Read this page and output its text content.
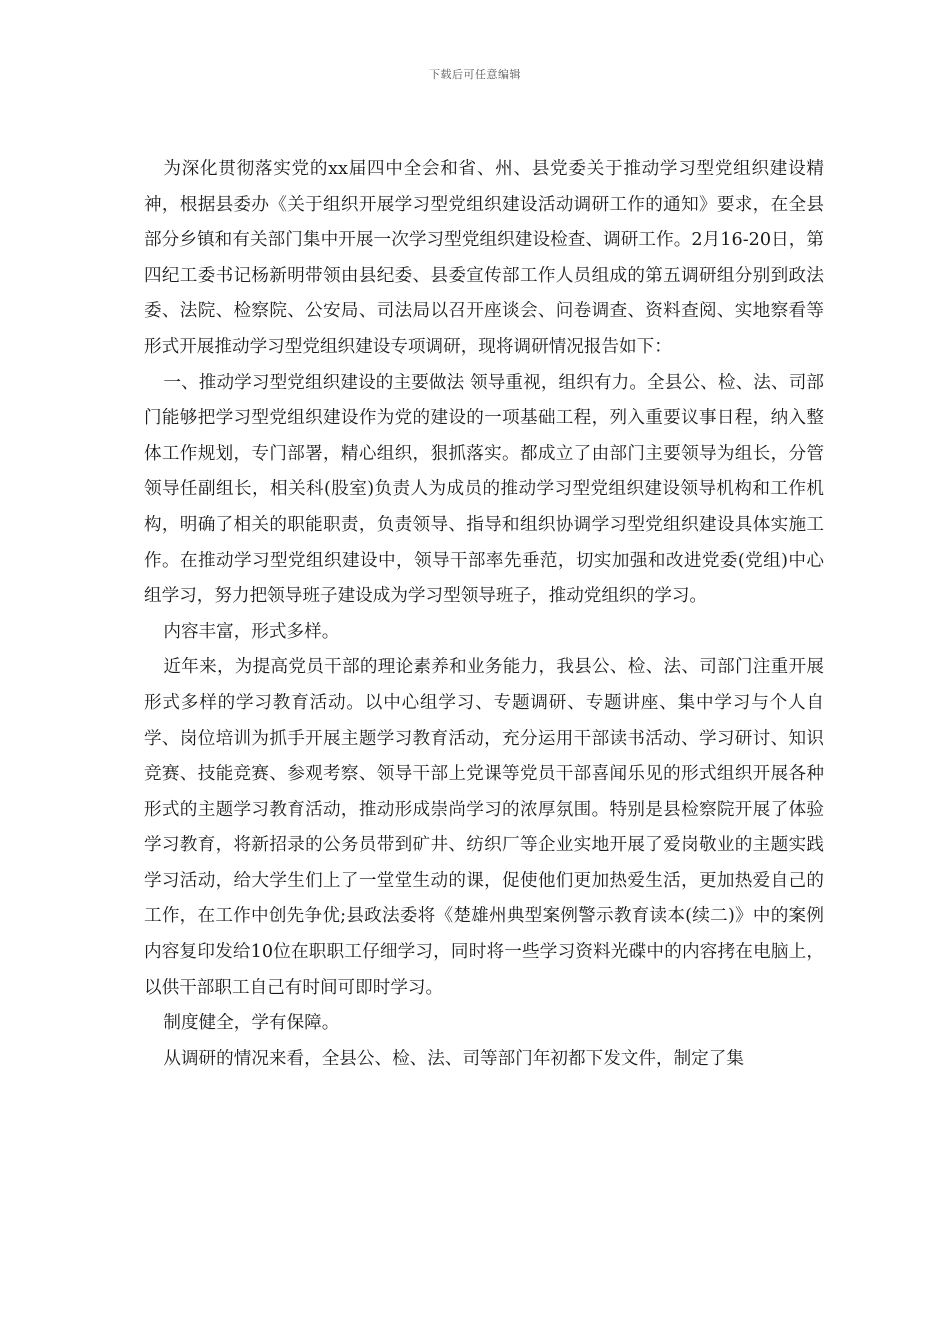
下载后可任意编辑

为深化贯彻落实党的xx届四中全会和省、州、县党委关于推动学习型党组织建设精神，根据县委办《关于组织开展学习型党组织建设活动调研工作的通知》要求，在全县部分乡镇和有关部门集中开展一次学习型党组织建设检查、调研工作。2月16-20日，第四纪工委书记杨新明带领由县纪委、县委宣传部工作人员组成的第五调研组分别到政法委、法院、检察院、公安局、司法局以召开座谈会、问卷调查、资料查阅、实地察看等形式开展推动学习型党组织建设专项调研，现将调研情况报告如下：

一、推动学习型党组织建设的主要做法 领导重视，组织有力。全县公、检、法、司部门能够把学习型党组织建设作为党的建设的一项基础工程，列入重要议事日程，纳入整体工作规划，专门部署，精心组织，狠抓落实。都成立了由部门主要领导为组长，分管领导任副组长，相关科(股室)负责人为成员的推动学习型党组织建设领导机构和工作机构，明确了相关的职能职责，负责领导、指导和组织协调学习型党组织建设具体实施工作。在推动学习型党组织建设中，领导干部率先垂范，切实加强和改进党委(党组)中心组学习，努力把领导班子建设成为学习型领导班子，推动党组织的学习。

内容丰富，形式多样。

近年来，为提高党员干部的理论素养和业务能力，我县公、检、法、司部门注重开展形式多样的学习教育活动。以中心组学习、专题调研、专题讲座、集中学习与个人自学、岗位培训为抓手开展主题学习教育活动，充分运用干部读书活动、学习研讨、知识竞赛、技能竞赛、参观考察、领导干部上党课等党员干部喜闻乐见的形式组织开展各种形式的主题学习教育活动，推动形成崇尚学习的浓厚氛围。特别是县检察院开展了体验学习教育，将新招录的公务员带到矿井、纺织厂等企业实地开展了爱岗敬业的主题实践学习活动，给大学生们上了一堂堂生动的课，促使他们更加热爱生活，更加热爱自己的工作，在工作中创先争优;县政法委将《楚雄州典型案例警示教育读本(续二)》中的案例内容复印发给10位在职职工仔细学习，同时将一些学习资料光碟中的内容拷在电脑上，以供干部职工自己有时间可即时学习。

制度健全，学有保障。

从调研的情况来看，全县公、检、法、司等部门年初都下发文件，制定了集
